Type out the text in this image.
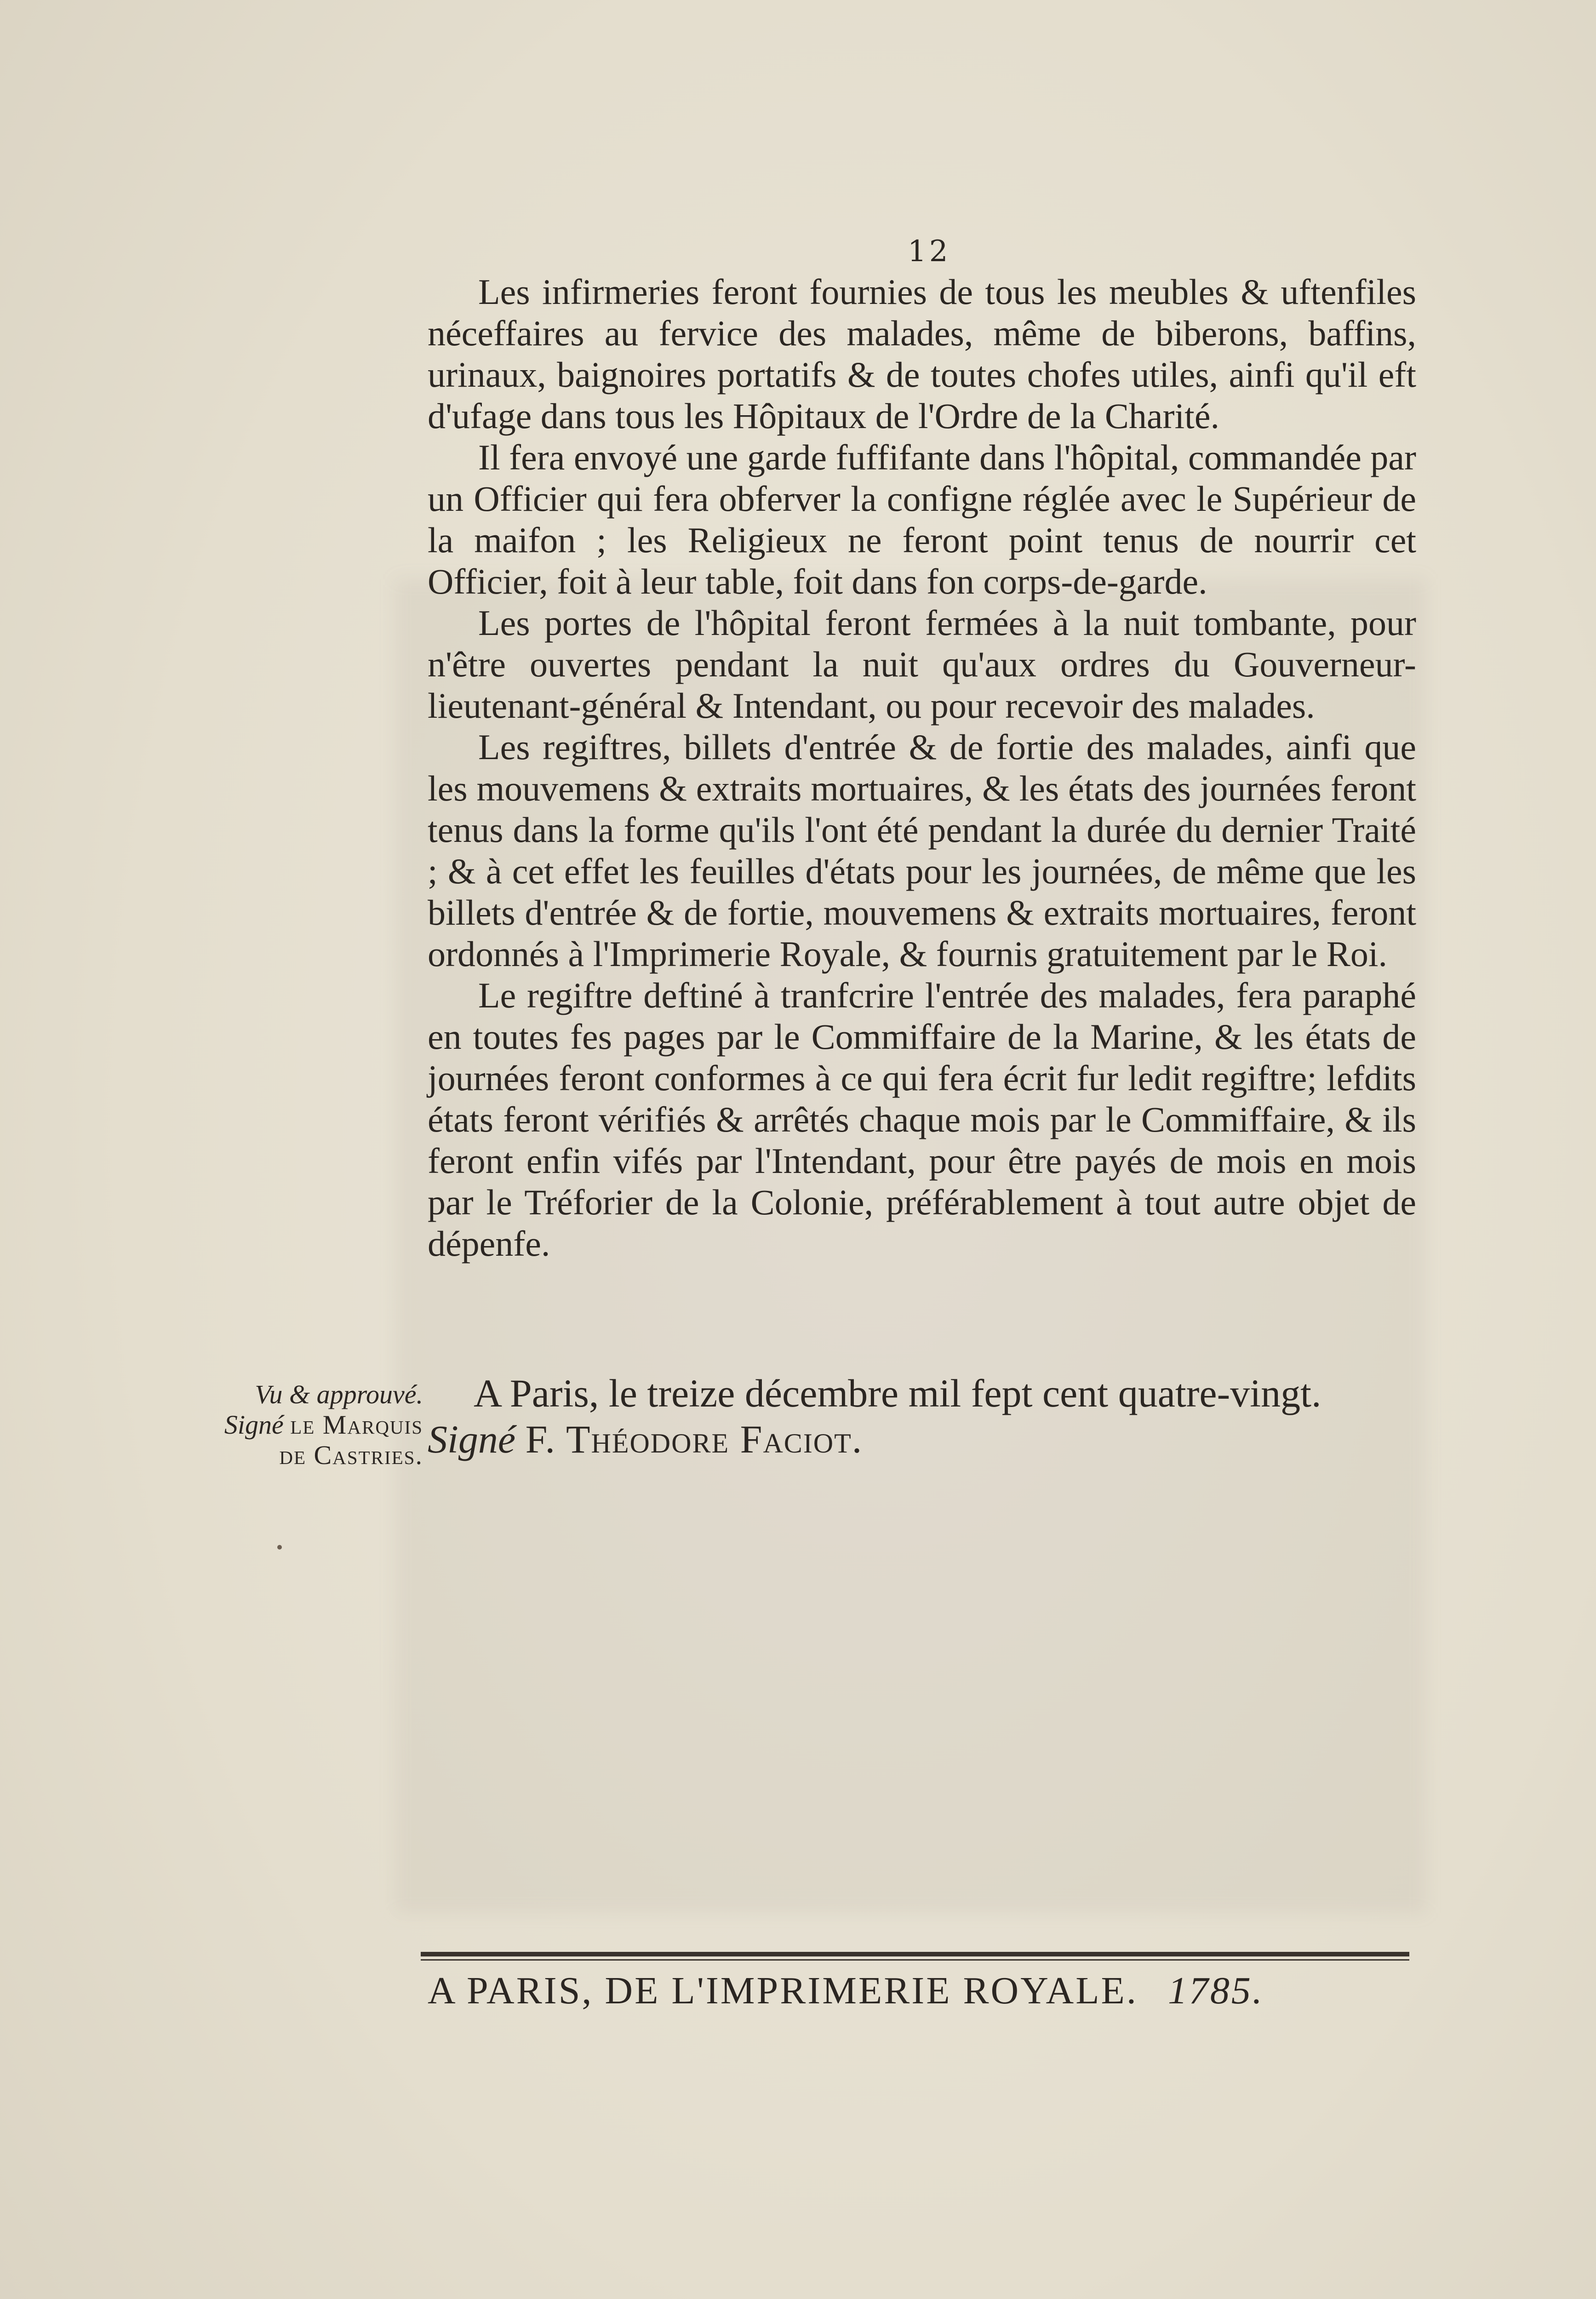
12

Les infirmeries feront fournies de tous les meubles & uftenfiles néceffaires au fervice des malades, même de biberons, baffins, urinaux, baignoires portatifs & de toutes chofes utiles, ainfi qu'il eft d'ufage dans tous les Hôpitaux de l'Ordre de la Charité.

Il fera envoyé une garde fuffifante dans l'hôpital, commandée par un Officier qui fera obferver la configne réglée avec le Supérieur de la maifon ; les Religieux ne feront point tenus de nourrir cet Officier, foit à leur table, foit dans fon corps-de-garde.

Les portes de l'hôpital feront fermées à la nuit tombante, pour n'être ouvertes pendant la nuit qu'aux ordres du Gouverneur-lieutenant-général & Intendant, ou pour recevoir des malades.

Les regiftres, billets d'entrée & de fortie des malades, ainfi que les mouvemens & extraits mortuaires, & les états des journées feront tenus dans la forme qu'ils l'ont été pendant la durée du dernier Traité ; & à cet effet les feuilles d'états pour les journées, de même que les billets d'entrée & de fortie, mouvemens & extraits mortuaires, feront ordonnés à l'Imprimerie Royale, & fournis gratuitement par le Roi.

Le regiftre deftiné à tranfcrire l'entrée des malades, fera paraphé en toutes fes pages par le Commiffaire de la Marine, & les états de journées feront conformes à ce qui fera écrit fur ledit regiftre; lefdits états feront vérifiés & arrêtés chaque mois par le Commiffaire, & ils feront enfin vifés par l'Intendant, pour être payés de mois en mois par le Tréforier de la Colonie, préférablement à tout autre objet de dépenfe.

Vu & approuvé.
Signé le Marquis
de Castries.
A Paris, le treize décembre mil fept cent quatre-vingt.
Signé F. Théodore Faciot.
A PARIS, DE L'IMPRIMERIE ROYALE. 1785.
